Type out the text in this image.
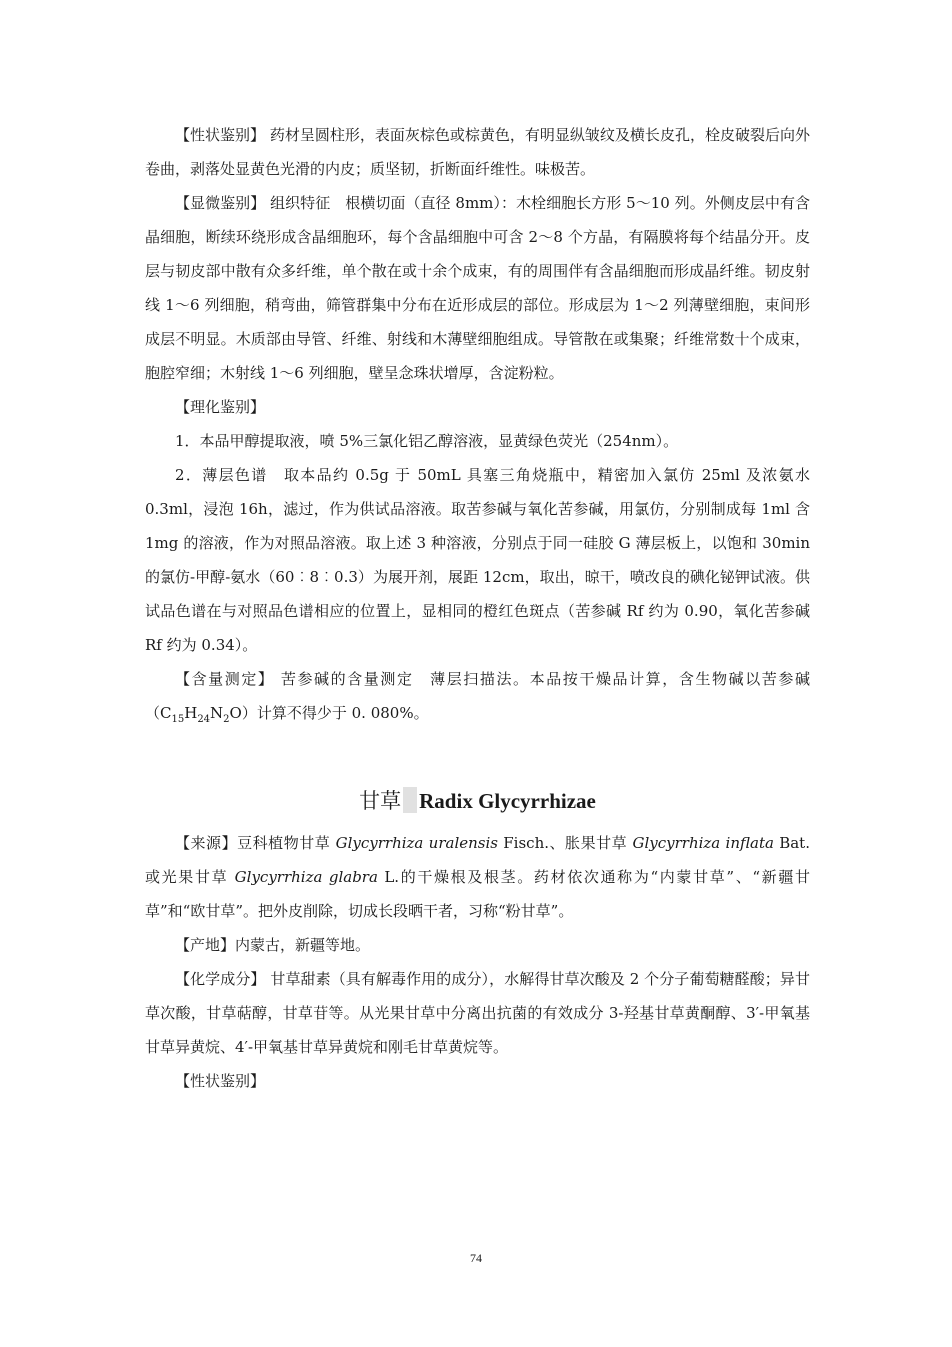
【性状鉴别】 药材呈圆柱形，表面灰棕色或棕黄色，有明显纵皱纹及横长皮孔，栓皮破裂后向外卷曲，剥落处显黄色光滑的内皮；质坚韧，折断面纤维性。味极苦。

【显微鉴别】 组织特征　根横切面（直径 8mm）：木栓细胞长方形 5～10 列。外侧皮层中有含晶细胞，断续环绕形成含晶细胞环，每个含晶细胞中可含 2～8 个方晶，有隔膜将每个结晶分开。皮层与韧皮部中散有众多纤维，单个散在或十余个成束，有的周围伴有含晶细胞而形成晶纤维。韧皮射线 1～6 列细胞，稍弯曲，筛管群集中分布在近形成层的部位。形成层为 1～2 列薄壁细胞，束间形成层不明显。木质部由导管、纤维、射线和木薄壁细胞组成。导管散在或集聚；纤维常数十个成束，胞腔窄细；木射线 1～6 列细胞，壁呈念珠状增厚，含淀粉粒。

【理化鉴别】

1．本品甲醇提取液，喷 5%三氯化铝乙醇溶液，显黄绿色荧光（254nm）。

2．薄层色谱　取本品约 0.5g 于 50mL 具塞三角烧瓶中，精密加入氯仿 25ml 及浓氨水 0.3ml，浸泡 16h，滤过，作为供试品溶液。取苦参碱与氧化苦参碱，用氯仿，分别制成每 1ml 含 1mg 的溶液，作为对照品溶液。取上述 3 种溶液，分别点于同一硅胶 G 薄层板上，以饱和 30min 的氯仿-甲醇-氨水（60︰8︰0.3）为展开剂，展距 12cm，取出，晾干，喷改良的碘化铋钾试液。供试品色谱在与对照品色谱相应的位置上，显相同的橙红色斑点（苦参碱 Rf 约为 0.90，氧化苦参碱 Rf 约为 0.34）。

【含量测定】 苦参碱的含量测定　薄层扫描法。本品按干燥品计算，含生物碱以苦参碱$(C_{15}H_{24}N_2O)$计算不得少于 0. 080%。

甘草 Radix Glycyrrhizae

【来源】豆科植物甘草 Glycyrrhiza uralensis Fisch.、胀果甘草 Glycyrrhiza inflata Bat.或光果甘草 Glycyrrhiza glabra L.的干燥根及根茎。药材依次通称为“内蒙甘草”、“新疆甘草”和“欧甘草”。把外皮削除，切成长段晒干者，习称“粉甘草”。

【产地】内蒙古，新疆等地。

【化学成分】 甘草甜素（具有解毒作用的成分），水解得甘草次酸及 2 个分子葡萄糖醛酸；异甘草次酸，甘草萜醇，甘草苷等。从光果甘草中分离出抗菌的有效成分 3-羟基甘草黄酮醇、3′-甲氧基甘草异黄烷、4′-甲氧基甘草异黄烷和刚毛甘草黄烷等。

【性状鉴别】

74
